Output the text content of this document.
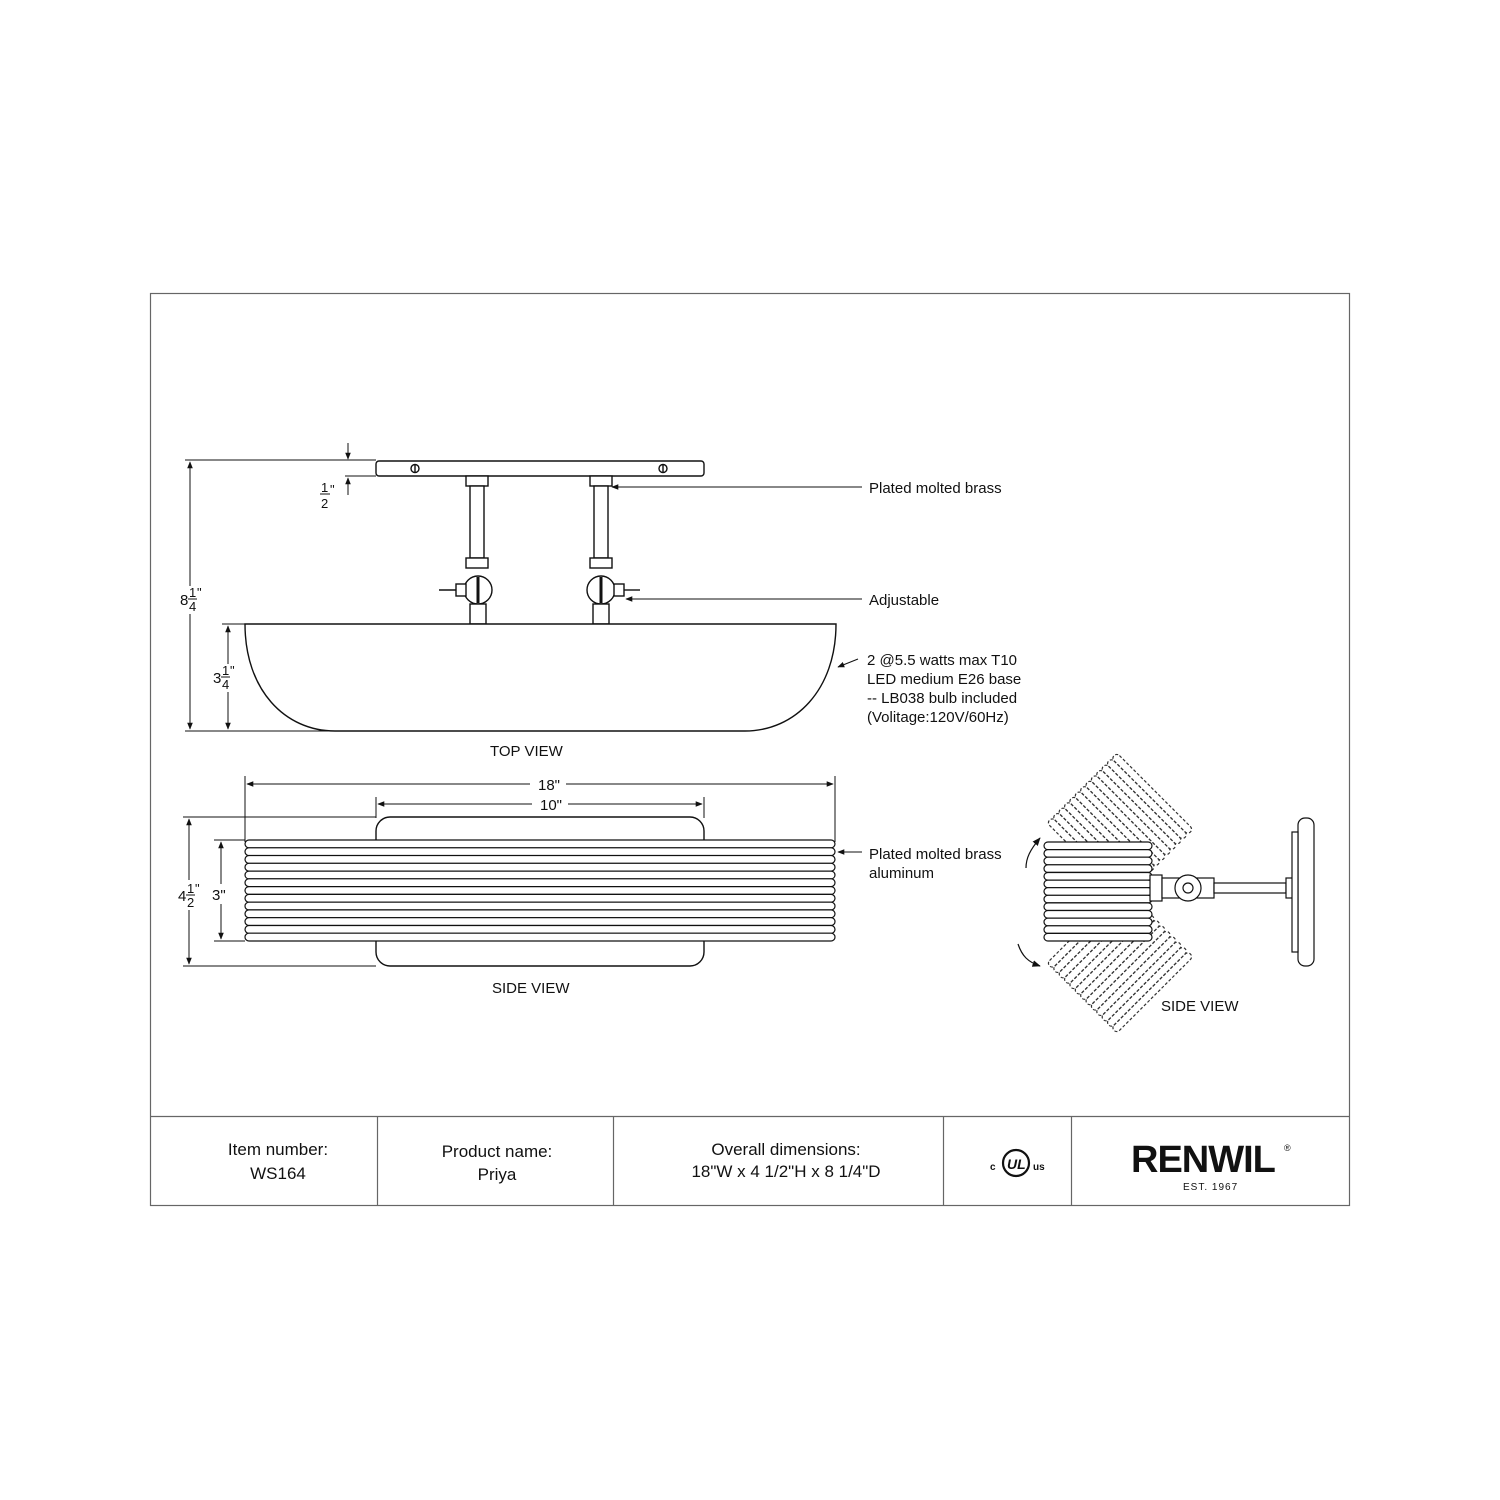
8 1
4
"
1
2
"
3 1
4
"
Plated molted brass
Adjustable
2 @5.5 watts max T10
LED medium E26 base
-- LB038 bulb included
(Volitage:120V/60Hz)
TOP VIEW
18"
10"
4 1
2
" 3"
Plated molted brass
aluminum
SIDE VIEW
SIDE VIEW
Item number:
WS164
Product name:
Priya
Overall dimensions:
18"W x 4 1/2"H x 8 1/4"D	c UL us RENWIL ®
EST. 1967
